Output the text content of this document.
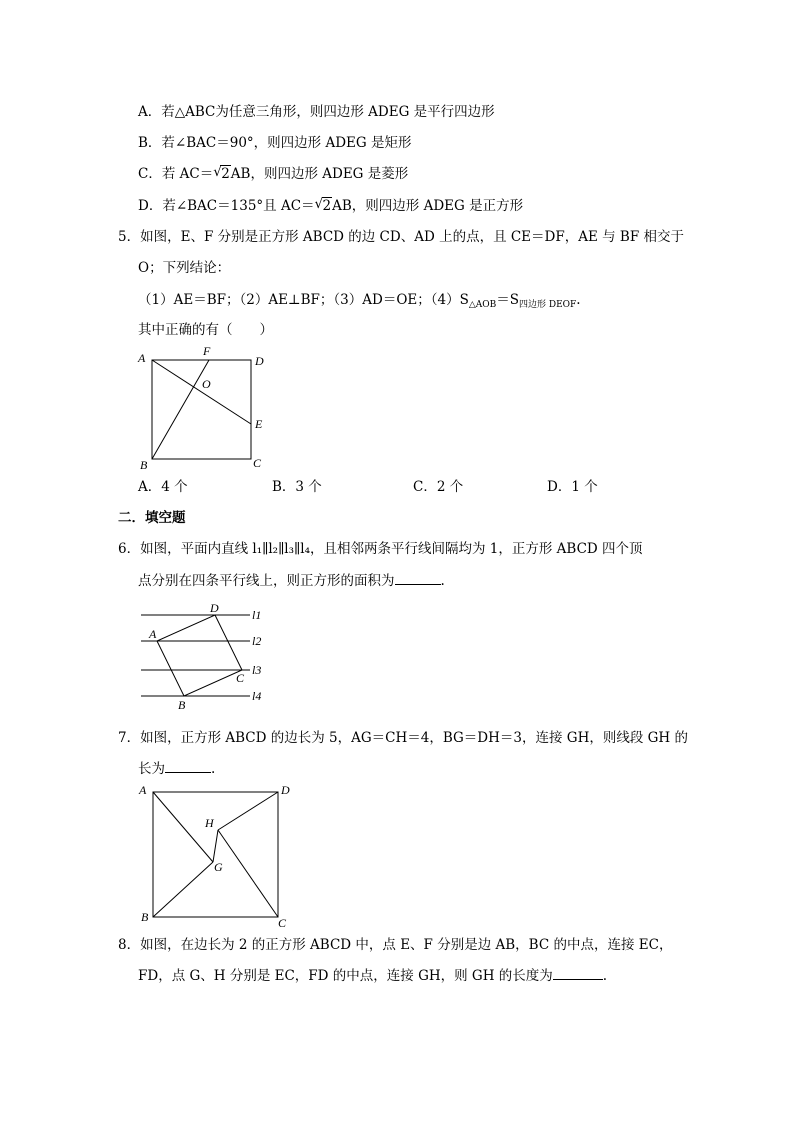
A．若△ABC为任意三角形，则四边形 ADEG 是平行四边形
B．若∠BAC＝90°，则四边形 ADEG 是矩形
C．若 AC＝ √ 2AB，则四边形 ADEG 是菱形
D．若∠BAC＝135°且 AC＝ √ 2AB，则四边形 ADEG 是正方形
5．如图，E、F 分别是正方形 ABCD 的边 CD、AD 上的点，且 CE＝DF，AE 与 BF 相交于
O；下列结论：
（1）AE＝BF；（2）AE⊥BF；（3）AD＝OE；$(4)S_{\triangle AOB}=S_{四边形 DEOF}$.
其中正确的有（　　）
A	F
D
O
E
B	C
A．4 个	B．3 个	C．2 个	D．1 个
二．填空题
6．如图，平面内直线 l₁∥l₂∥l₃∥l₄，且相邻两条平行线间隔均为 1，正方形 ABCD 四个顶
点分别在四条平行线上，则正方形的面积为	.
D
A
C
B
l1
l2
l3
l4
7．如图，正方形 ABCD 的边长为 5，AG＝CH＝4，BG＝DH＝3，连接 GH，则线段 GH 的
长为	.
A	D
H
G
B	C
8．如图，在边长为 2 的正方形 ABCD 中，点 E、F 分别是边 AB，BC 的中点，连接 EC，
FD，点 G、H 分别是 EC，FD 的中点，连接 GH，则 GH 的长度为	.
